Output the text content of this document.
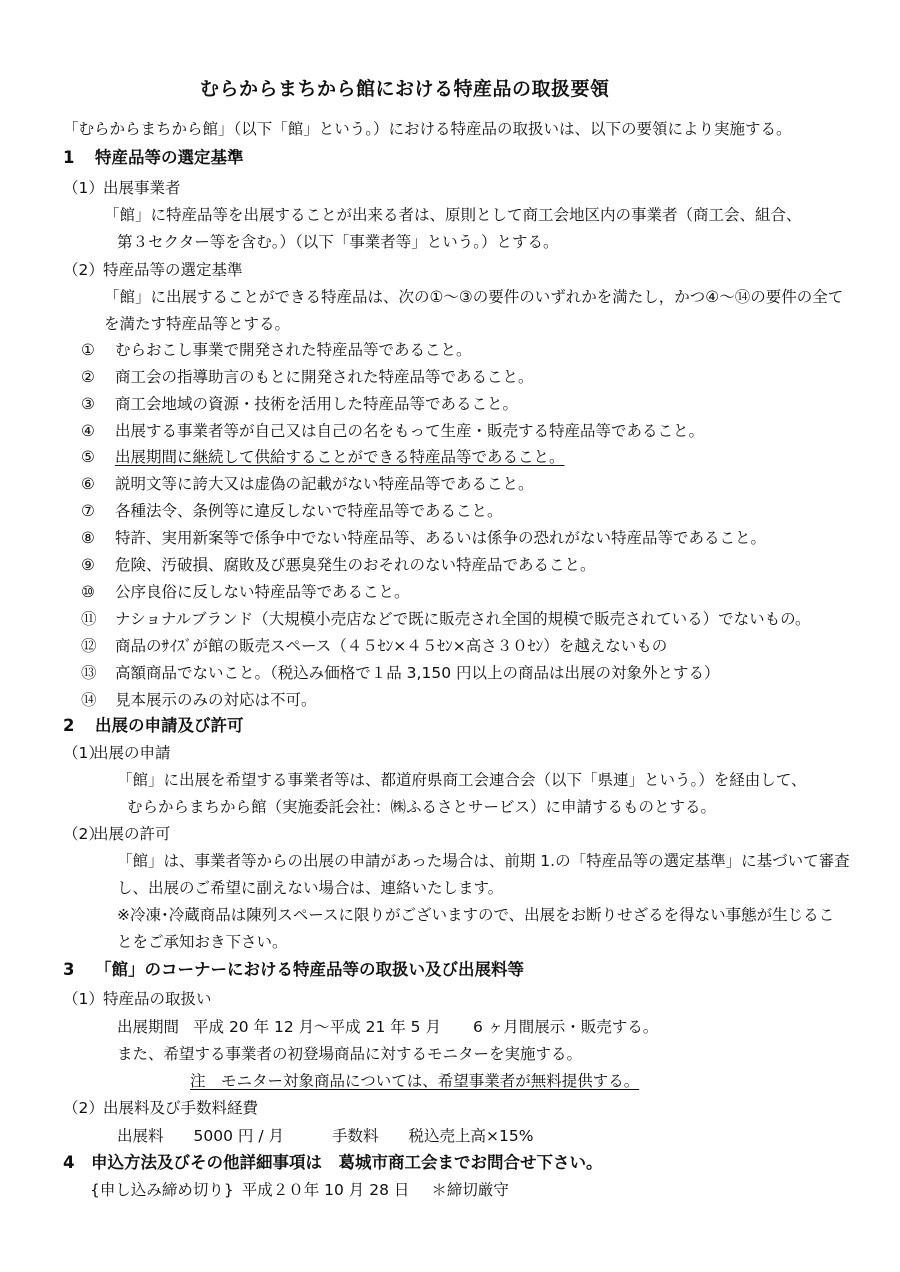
むらからまちから館における特産品の取扱要領
「むらからまちから館」（以下「館」という。）における特産品の取扱いは、以下の要領により実施する。
1 特産品等の選定基準
（1）出展事業者
「館」に特産品等を出展することが出来る者は、原則として商工会地区内の事業者（商工会、組合、
第３セクター等を含む。）（以下「事業者等」という。）とする。
（2）特産品等の選定基準
「館」に出展することができる特産品は、次の①～③の要件のいずれかを満たし，かつ④～⑭の要件の全て
を満たす特産品等とする。
① むらおこし事業で開発された特産品等であること。
② 商工会の指導助言のもとに開発された特産品等であること。
③ 商工会地域の資源・技術を活用した特産品等であること。
④ 出展する事業者等が自己又は自己の名をもって生産・販売する特産品等であること。
⑤ 出展期間に継続して供給することができる特産品等であること。
⑥ 説明文等に誇大又は虚偽の記載がない特産品等であること。
⑦ 各種法令、条例等に違反しないで特産品等であること。
⑧ 特許、実用新案等で係争中でない特産品等、あるいは係争の恐れがない特産品等であること。
⑨ 危険、汚破損、腐敗及び悪臭発生のおそれのない特産品であること。
⑩ 公序良俗に反しない特産品等であること。
⑪ ナショナルブランド（大規模小売店などで既に販売され全国的規模で販売されている）でないもの。
⑫ 商品のｻｲｽﾞが館の販売スペース（４５ｾﾝ×４５ｾﾝ×高さ３０ｾﾝ）を越えないもの
⑬ 高額商品でないこと。（税込み価格で１品 3,150 円以上の商品は出展の対象外とする）
⑭ 見本展示のみの対応は不可。
2 出展の申請及び許可
（1）出展の申請
「館」に出展を希望する事業者等は、都道府県商工会連合会（以下「県連」という。）を経由して、
むらからまちから館（実施委託会社：㈱ふるさとサービス）に申請するものとする。
（2）出展の許可
「館」は、事業者等からの出展の申請があった場合は、前期 1.の「特産品等の選定基準」に基づいて審査
し、出展のご希望に副えない場合は、連絡いたします。
※冷凍･冷蔵商品は陳列スペースに限りがございますので、出展をお断りせざるを得ない事態が生じるこ
とをご承知おき下さい。
3 「館」のコーナーにおける特産品等の取扱い及び出展料等
（1）特産品の取扱い
出展期間 平成 20 年 12 月～平成 21 年 5 月 6 ヶ月間展示・販売する。
また、希望する事業者の初登場商品に対するモニターを実施する。
注　モニター対象商品については、希望事業者が無料提供する。
（2）出展料及び手数料経費
出展料 5000 円 / 月	手数料 税込売上高×15%
4 申込方法及びその他詳細事項は　葛城市商工会までお問合せ下さい。
{申し込み締め切り} 平成２０年 10 月 28 日 ＊締切厳守
